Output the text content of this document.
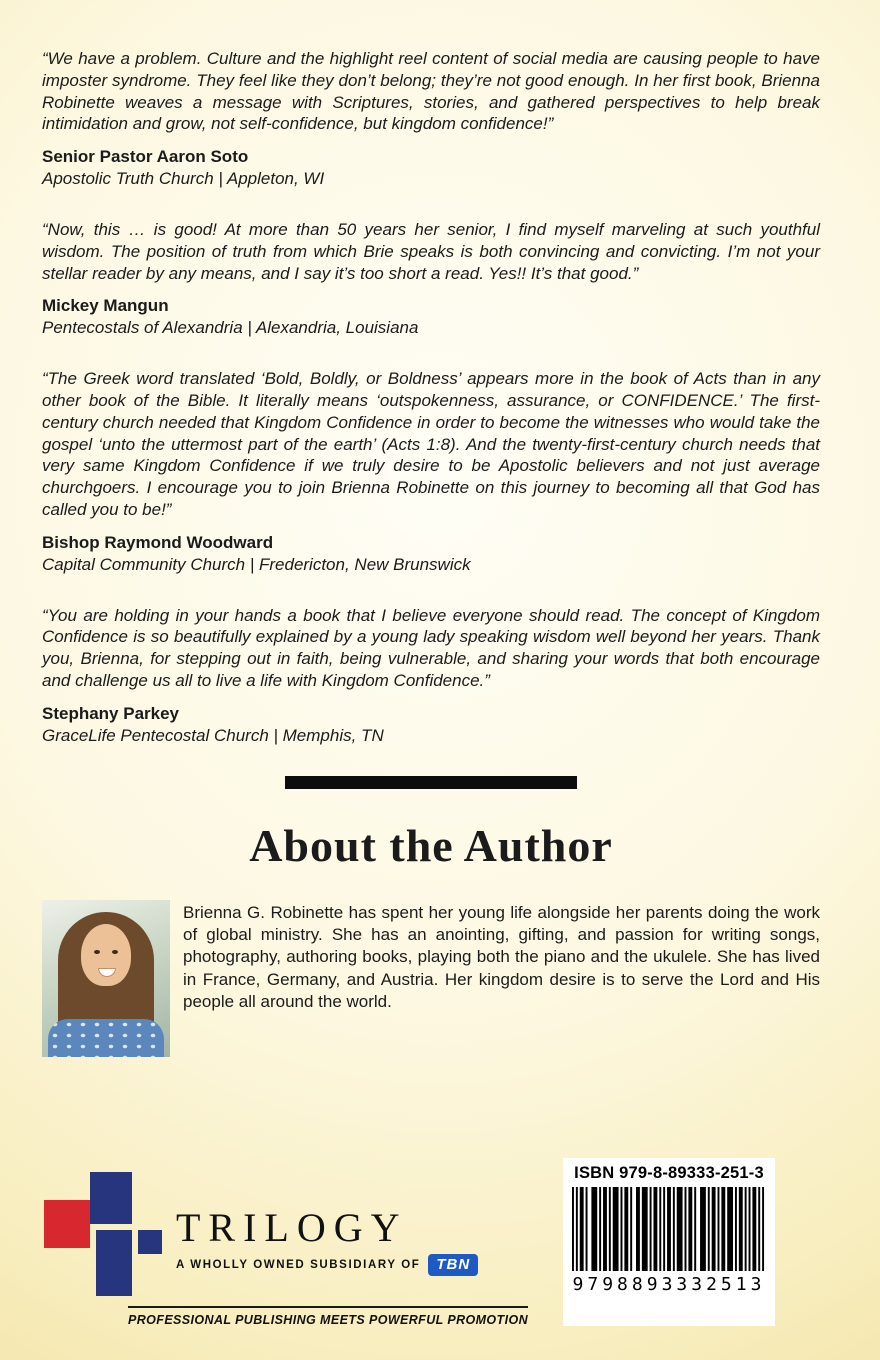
“We have a problem. Culture and the highlight reel content of social media are causing people to have imposter syndrome. They feel like they don’t belong; they’re not good enough. In her first book, Brienna Robinette weaves a message with Scriptures, stories, and gathered perspectives to help break intimidation and grow, not self-confidence, but kingdom confidence!”

Senior Pastor Aaron Soto

Apostolic Truth Church | Appleton, WI

“Now, this … is good! At more than 50 years her senior, I find myself marveling at such youthful wisdom. The position of truth from which Brie speaks is both convincing and convicting. I’m not your stellar reader by any means, and I say it’s too short a read. Yes!! It’s that good.”

Mickey Mangun

Pentecostals of Alexandria | Alexandria, Louisiana

“The Greek word translated ‘Bold, Boldly, or Boldness’ appears more in the book of Acts than in any other book of the Bible. It literally means ‘outspokenness, assurance, or CONFIDENCE.’ The first-century church needed that Kingdom Confidence in order to become the witnesses who would take the gospel ‘unto the uttermost part of the earth’ (Acts 1:8). And the twenty-first-century church needs that very same Kingdom Confidence if we truly desire to be Apostolic believers and not just average churchgoers. I encourage you to join Brienna Robinette on this journey to becoming all that God has called you to be!”

Bishop Raymond Woodward

Capital Community Church | Fredericton, New Brunswick

“You are holding in your hands a book that I believe everyone should read. The concept of Kingdom Confidence is so beautifully explained by a young lady speaking wisdom well beyond her years. Thank you, Brienna, for stepping out in faith, being vulnerable, and sharing your words that both encourage and challenge us all to live a life with Kingdom Confidence.”

Stephany Parkey

GraceLife Pentecostal Church | Memphis, TN

About the Author

Brienna G. Robinette has spent her young life alongside her parents doing the work of global ministry. She has an anointing, gifting, and passion for writing songs, photography, authoring books, playing both the piano and the ukulele. She has lived in France, Germany, and Austria. Her kingdom desire is to serve the Lord and His people all around the world.

TRILOGY
A WHOLLY OWNED SUBSIDIARY OF	TBN
PROFESSIONAL PUBLISHING MEETS POWERFUL PROMOTION
ISBN 979-8-89333-251-3
9798893332513
